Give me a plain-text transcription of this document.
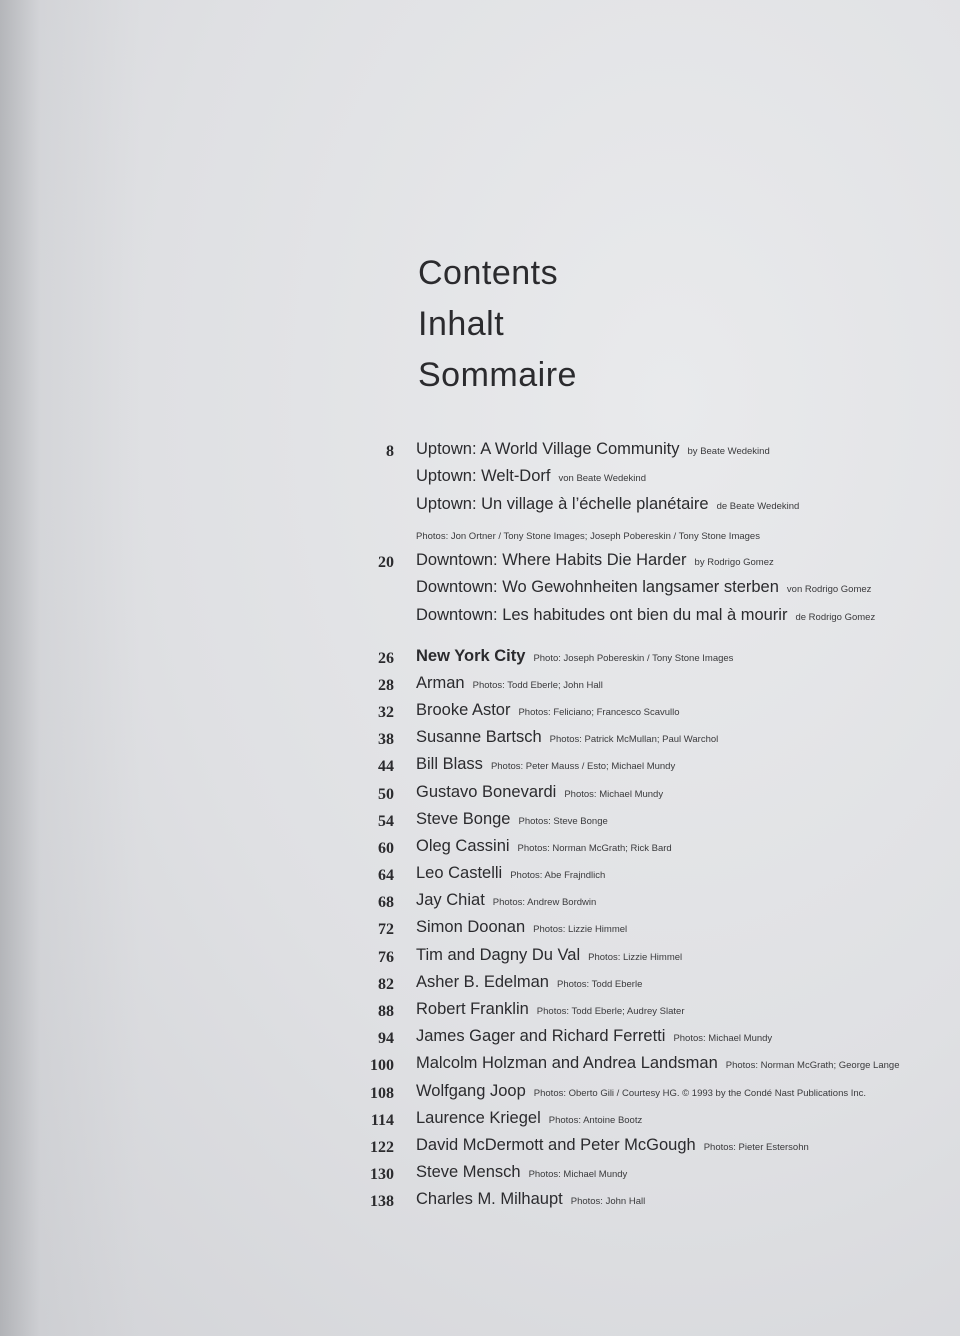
Contents
Inhalt
Sommaire
8 Uptown: A World Village Community by Beate Wedekind
Uptown: Welt-Dorf von Beate Wedekind
Uptown: Un village à l’échelle planétaire de Beate Wedekind
Photos: Jon Ortner / Tony Stone Images; Joseph Pobereskin / Tony Stone Images
20 Downtown: Where Habits Die Harder by Rodrigo Gomez
Downtown: Wo Gewohnheiten langsamer sterben von Rodrigo Gomez
Downtown: Les habitudes ont bien du mal à mourir de Rodrigo Gomez
26 New York City Photo: Joseph Pobereskin / Tony Stone Images
28 Arman Photos: Todd Eberle; John Hall
32 Brooke Astor Photos: Feliciano; Francesco Scavullo
38 Susanne Bartsch Photos: Patrick McMullan; Paul Warchol
44 Bill Blass Photos: Peter Mauss / Esto; Michael Mundy
50 Gustavo Bonevardi Photos: Michael Mundy
54 Steve Bonge Photos: Steve Bonge
60 Oleg Cassini Photos: Norman McGrath; Rick Bard
64 Leo Castelli Photos: Abe Frajndlich
68 Jay Chiat Photos: Andrew Bordwin
72 Simon Doonan Photos: Lizzie Himmel
76 Tim and Dagny Du Val Photos: Lizzie Himmel
82 Asher B. Edelman Photos: Todd Eberle
88 Robert Franklin Photos: Todd Eberle; Audrey Slater
94 James Gager and Richard Ferretti Photos: Michael Mundy
100 Malcolm Holzman and Andrea Landsman Photos: Norman McGrath; George Lange
108 Wolfgang Joop Photos: Oberto Gili / Courtesy HG. © 1993 by the Condé Nast Publications Inc.
114 Laurence Kriegel Photos: Antoine Bootz
122 David McDermott and Peter McGough Photos: Pieter Estersohn
130 Steve Mensch Photos: Michael Mundy
138 Charles M. Milhaupt Photos: John Hall
